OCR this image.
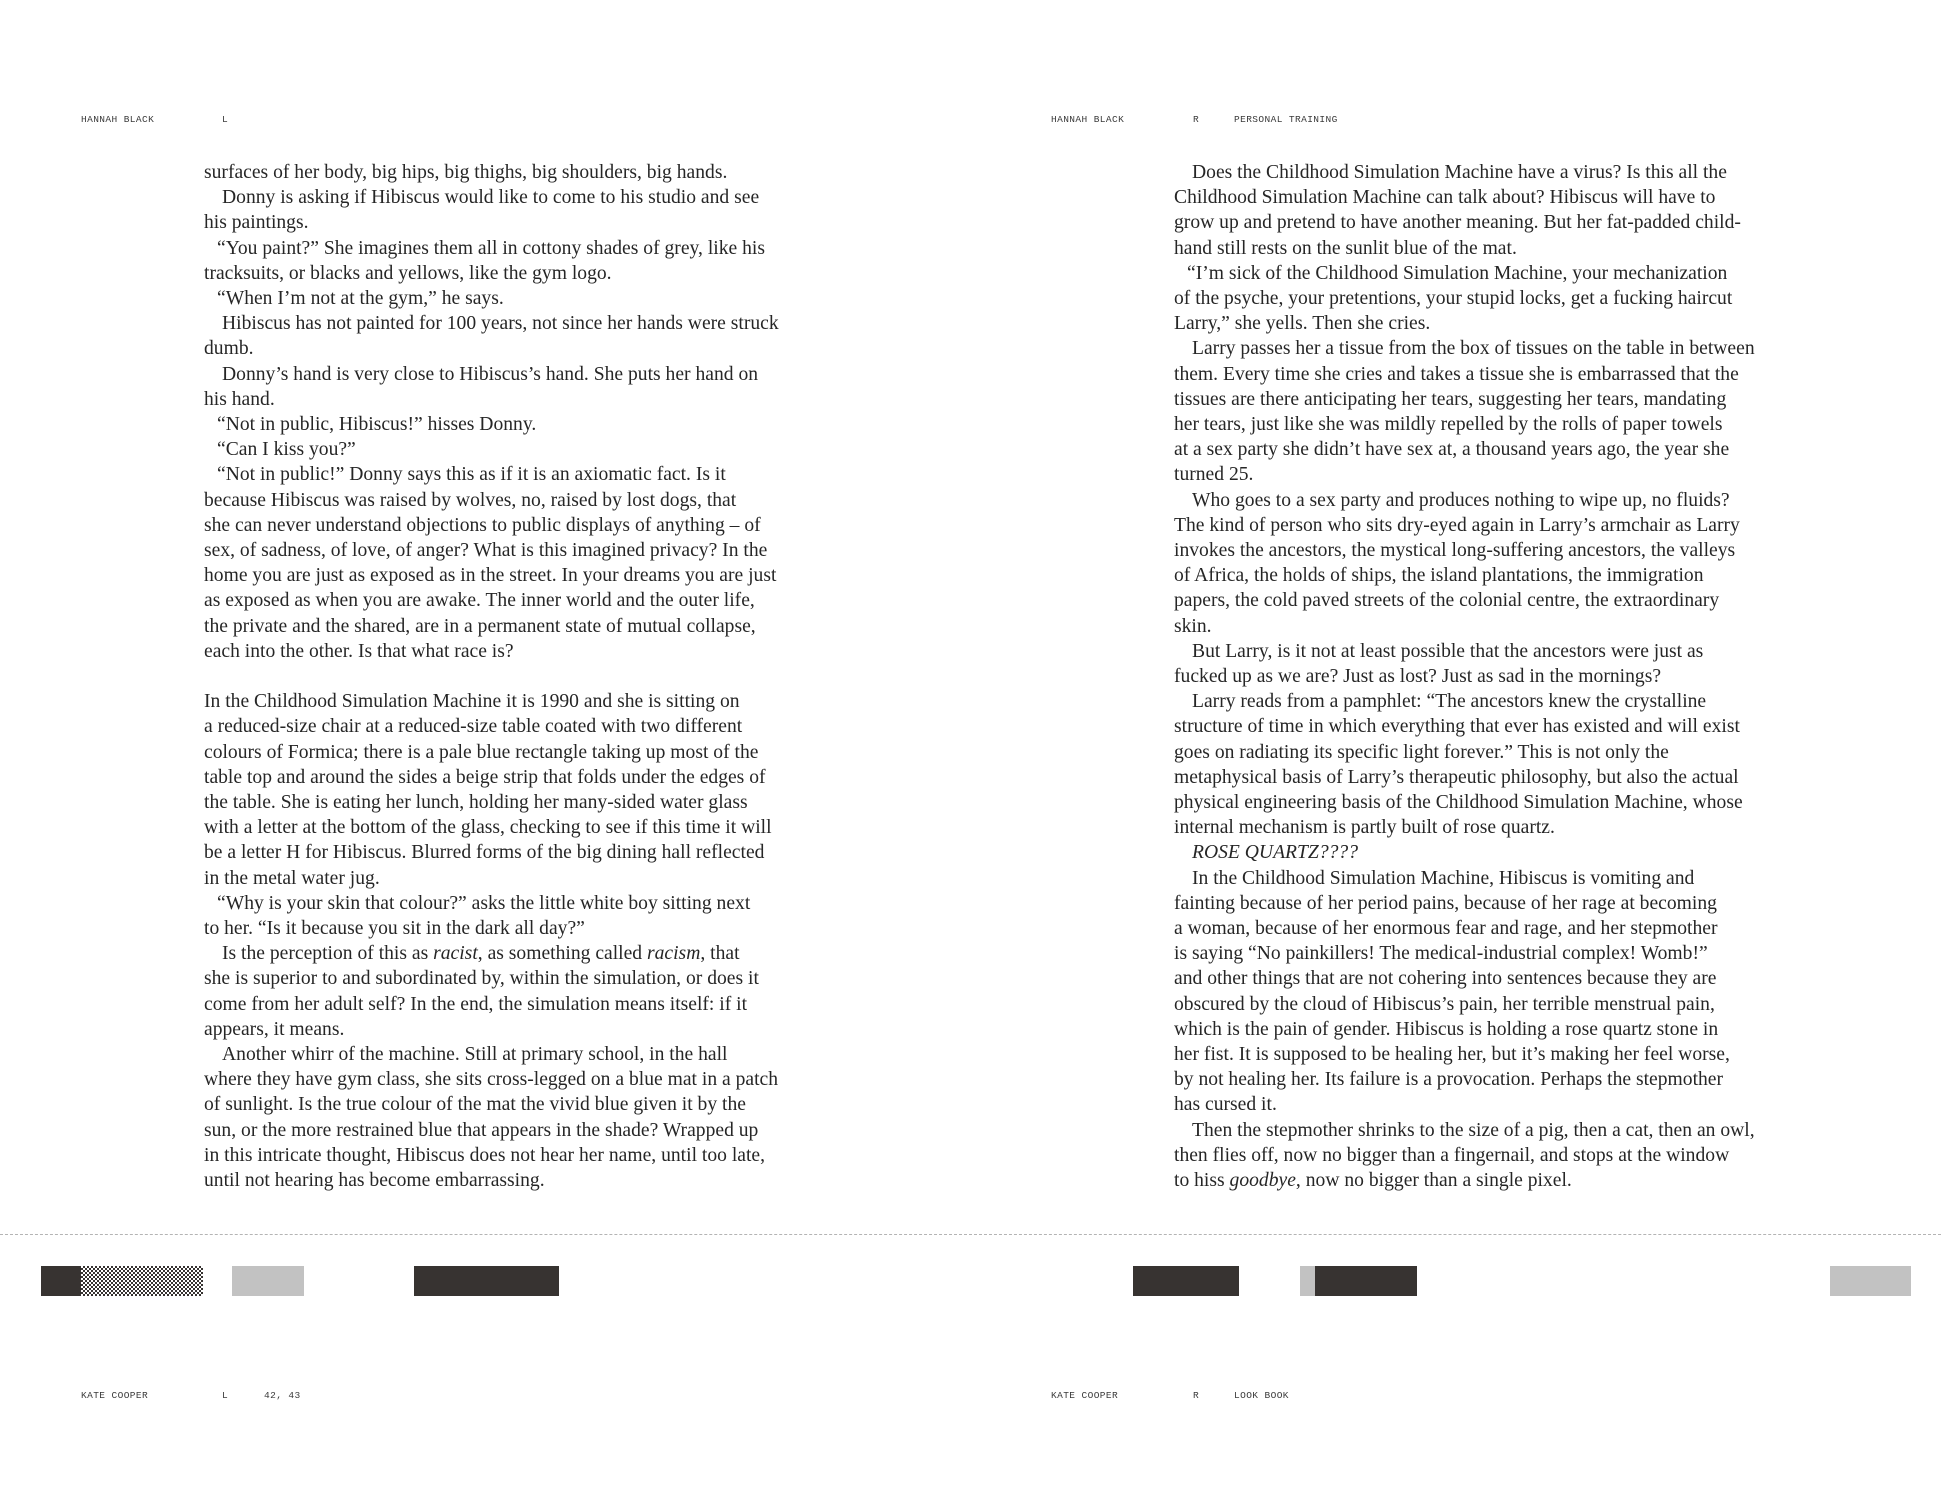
HANNAH BLACK	L	HANNAH BLACK	R	PERSONAL TRAINING
surfaces of her body, big hips, big thighs, big shoulders, big hands.
Donny is asking if Hibiscus would like to come to his studio and see
his paintings.
“You paint?” She imagines them all in cottony shades of grey, like his
tracksuits, or blacks and yellows, like the gym logo.
“When I’m not at the gym,” he says.
Hibiscus has not painted for 100 years, not since her hands were struck
dumb.
Donny’s hand is very close to Hibiscus’s hand. She puts her hand on
his hand.
“Not in public, Hibiscus!” hisses Donny.
“Can I kiss you?”
“Not in public!” Donny says this as if it is an axiomatic fact. Is it
because Hibiscus was raised by wolves, no, raised by lost dogs, that
she can never understand objections to public displays of anything – of
sex, of sadness, of love, of anger? What is this imagined privacy? In the
home you are just as exposed as in the street. In your dreams you are just
as exposed as when you are awake. The inner world and the outer life,
the private and the shared, are in a permanent state of mutual collapse,
each into the other. Is that what race is?
In the Childhood Simulation Machine it is 1990 and she is sitting on
a reduced-size chair at a reduced-size table coated with two different
colours of Formica; there is a pale blue rectangle taking up most of the
table top and around the sides a beige strip that folds under the edges of
the table. She is eating her lunch, holding her many-sided water glass
with a letter at the bottom of the glass, checking to see if this time it will
be a letter H for Hibiscus. Blurred forms of the big dining hall reflected
in the metal water jug.
“Why is your skin that colour?” asks the little white boy sitting next
to her. “Is it because you sit in the dark all day?”
Is the perception of this as racist, as something called racism, that
she is superior to and subordinated by, within the simulation, or does it
come from her adult self? In the end, the simulation means itself: if it
appears, it means.
Another whirr of the machine. Still at primary school, in the hall
where they have gym class, she sits cross-legged on a blue mat in a patch
of sunlight. Is the true colour of the mat the vivid blue given it by the
sun, or the more restrained blue that appears in the shade? Wrapped up
in this intricate thought, Hibiscus does not hear her name, until too late,
until not hearing has become embarrassing.
Does the Childhood Simulation Machine have a virus? Is this all the
Childhood Simulation Machine can talk about? Hibiscus will have to
grow up and pretend to have another meaning. But her fat-padded child-
hand still rests on the sunlit blue of the mat.
“I’m sick of the Childhood Simulation Machine, your mechanization
of the psyche, your pretentions, your stupid locks, get a fucking haircut
Larry,” she yells. Then she cries.
Larry passes her a tissue from the box of tissues on the table in between
them. Every time she cries and takes a tissue she is embarrassed that the
tissues are there anticipating her tears, suggesting her tears, mandating
her tears, just like she was mildly repelled by the rolls of paper towels
at a sex party she didn’t have sex at, a thousand years ago, the year she
turned 25.
Who goes to a sex party and produces nothing to wipe up, no fluids?
The kind of person who sits dry-eyed again in Larry’s armchair as Larry
invokes the ancestors, the mystical long-suffering ancestors, the valleys
of Africa, the holds of ships, the island plantations, the immigration
papers, the cold paved streets of the colonial centre, the extraordinary
skin.
But Larry, is it not at least possible that the ancestors were just as
fucked up as we are? Just as lost? Just as sad in the mornings?
Larry reads from a pamphlet: “The ancestors knew the crystalline
structure of time in which everything that ever has existed and will exist
goes on radiating its specific light forever.” This is not only the
metaphysical basis of Larry’s therapeutic philosophy, but also the actual
physical engineering basis of the Childhood Simulation Machine, whose
internal mechanism is partly built of rose quartz.
ROSE QUARTZ????
In the Childhood Simulation Machine, Hibiscus is vomiting and
fainting because of her period pains, because of her rage at becoming
a woman, because of her enormous fear and rage, and her stepmother
is saying “No painkillers! The medical-industrial complex! Womb!”
and other things that are not cohering into sentences because they are
obscured by the cloud of Hibiscus’s pain, her terrible menstrual pain,
which is the pain of gender. Hibiscus is holding a rose quartz stone in
her fist. It is supposed to be healing her, but it’s making her feel worse,
by not healing her. Its failure is a provocation. Perhaps the stepmother
has cursed it.
Then the stepmother shrinks to the size of a pig, then a cat, then an owl,
then flies off, now no bigger than a fingernail, and stops at the window
to hiss goodbye, now no bigger than a single pixel.
KATE COOPER	L	42, 43	KATE COOPER	R	LOOK BOOK
